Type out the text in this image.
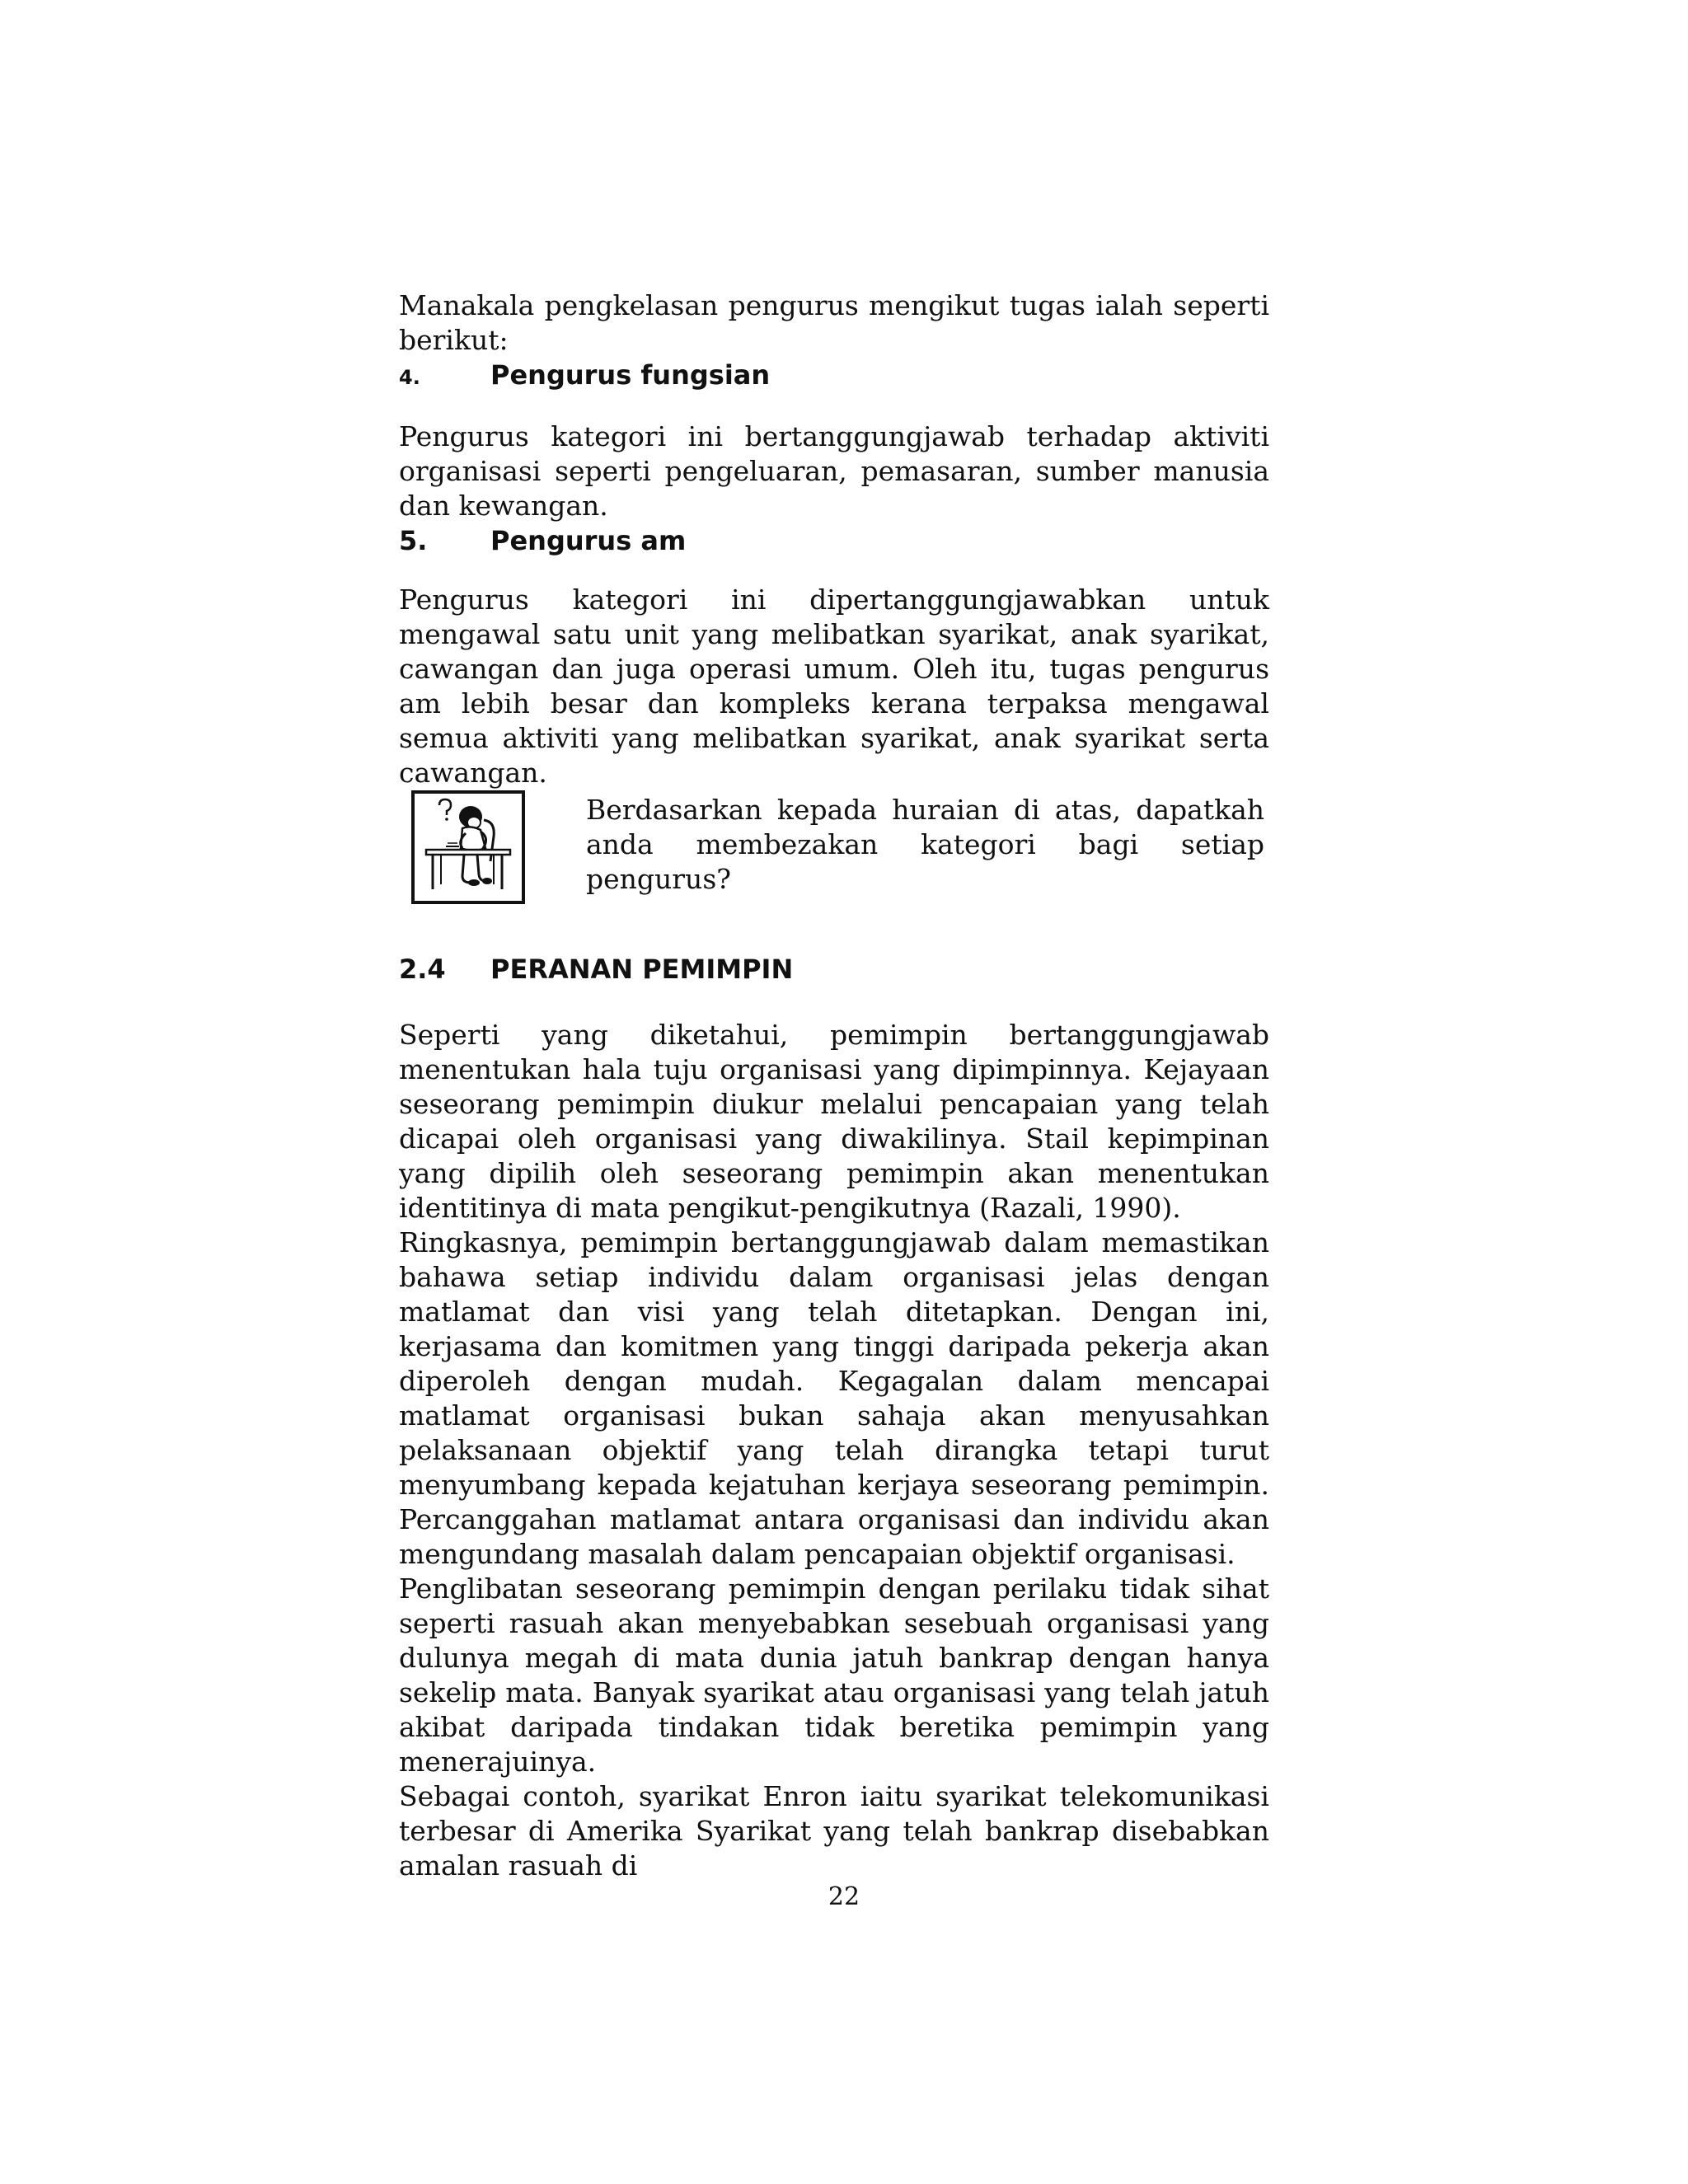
Manakala pengkelasan pengurus mengikut tugas ialah seperti berikut:

4.	Pengurus fungsian

Pengurus kategori ini bertanggungjawab terhadap aktiviti organisasi seperti pengeluaran, pemasaran, sumber manusia dan kewangan.

5.	Pengurus am

Pengurus kategori ini dipertanggungjawabkan untuk mengawal satu unit yang melibatkan syarikat, anak syarikat, cawangan dan juga operasi umum. Oleh itu, tugas pengurus am lebih besar dan kompleks kerana terpaksa mengawal semua aktiviti yang melibatkan syarikat, anak syarikat serta cawangan.

Berdasarkan kepada huraian di atas, dapatkah anda membezakan kategori bagi setiap pengurus?

2.4	PERANAN PEMIMPIN

Seperti yang diketahui, pemimpin bertanggungjawab menentukan hala tuju organisasi yang dipimpinnya. Kejayaan seseorang pemimpin diukur melalui pencapaian yang telah dicapai oleh organisasi yang diwakilinya. Stail kepimpinan yang dipilih oleh seseorang pemimpin akan menentukan identitinya di mata pengikut-pengikutnya (Razali, 1990).

Ringkasnya, pemimpin bertanggungjawab dalam memastikan bahawa setiap individu dalam organisasi jelas dengan matlamat dan visi yang telah ditetapkan. Dengan ini, kerjasama dan komitmen yang tinggi daripada pekerja akan diperoleh dengan mudah. Kegagalan dalam mencapai matlamat organisasi bukan sahaja akan menyusahkan pelaksanaan objektif yang telah dirangka tetapi turut menyumbang kepada kejatuhan kerjaya seseorang pemimpin. Percanggahan matlamat antara organisasi dan individu akan mengundang masalah dalam pencapaian objektif organisasi.

Penglibatan seseorang pemimpin dengan perilaku tidak sihat seperti rasuah akan menyebabkan sesebuah organisasi yang dulunya megah di mata dunia jatuh bankrap dengan hanya sekelip mata. Banyak syarikat atau organisasi yang telah jatuh akibat daripada tindakan tidak beretika pemimpin yang menerajuinya.

Sebagai contoh, syarikat Enron iaitu syarikat telekomunikasi terbesar di Amerika Syarikat yang telah bankrap disebabkan amalan rasuah di

22
